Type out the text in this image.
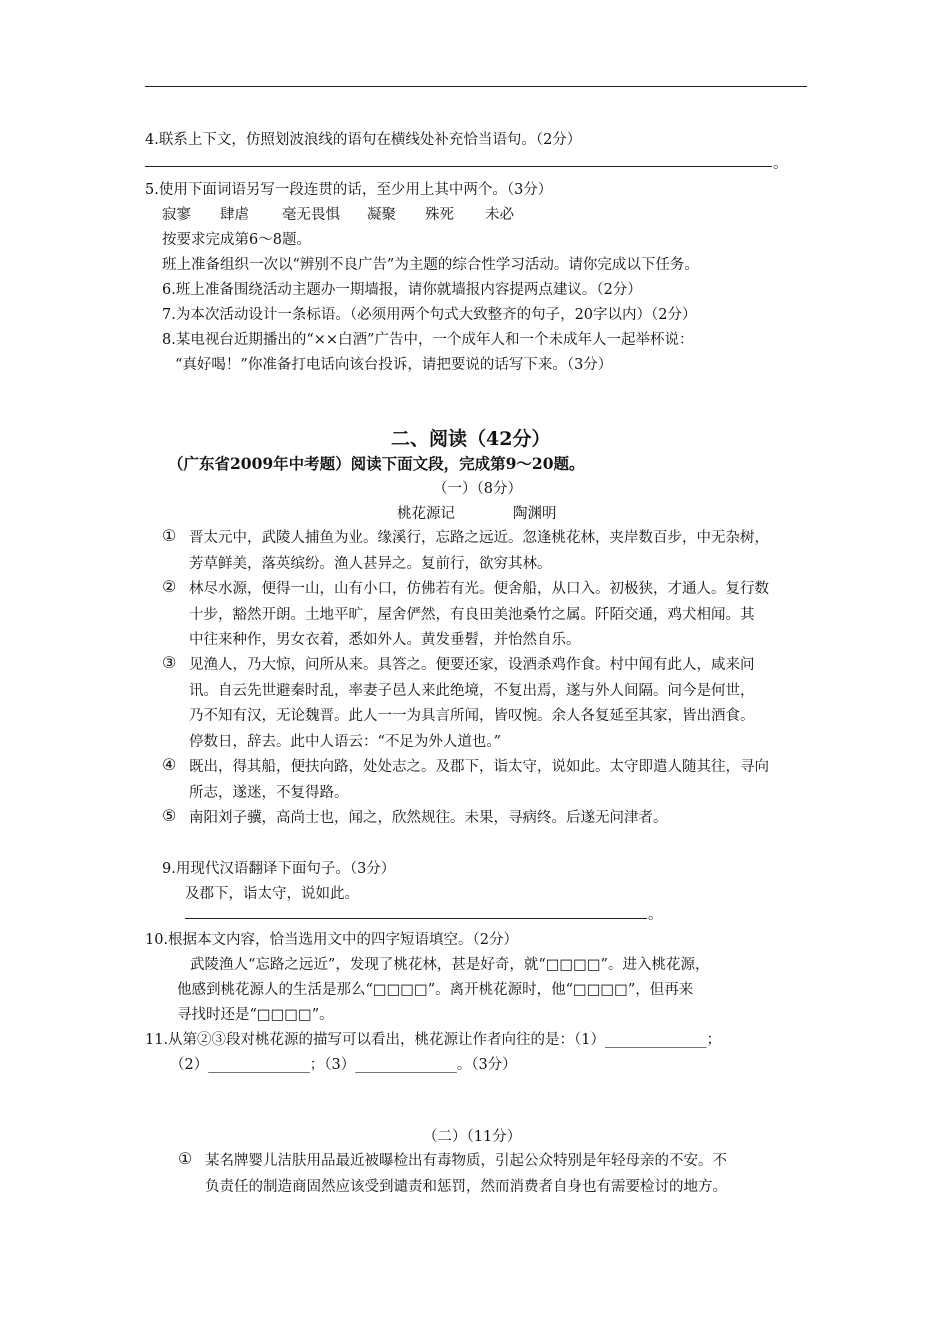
4.联系上下文，仿照划波浪线的语句在横线处补充恰当语句。（2分）
。
5.使用下面词语另写一段连贯的话，至少用上其中两个。（3分）
寂寥 肆虐 毫无畏惧 凝聚 殊死 未必
按要求完成第6～8题。
班上准备组织一次以“辨别不良广告”为主题的综合性学习活动。请你完成以下任务。
6.班上准备围绕活动主题办一期墙报，请你就墙报内容提两点建议。（2分）
7.为本次活动设计一条标语。（必须用两个句式大致整齐的句子，20字以内）（2分）
8.某电视台近期播出的“××白酒”广告中，一个成年人和一个未成年人一起举杯说：
“真好喝！”你准备打电话向该台投诉，请把要说的话写下来。（3分）
二、阅读（42分）
（广东省2009年中考题）阅读下面文段，完成第9～20题。
（一）（8分）
桃花源记	陶渊明
① 晋太元中，武陵人捕鱼为业。缘溪行，忘路之远近。忽逢桃花林，夹岸数百步，中无杂树，
芳草鲜美，落英缤纷。渔人甚异之。复前行，欲穷其林。
② 林尽水源，便得一山，山有小口，仿佛若有光。便舍船，从口入。初极狭，才通人。复行数
十步，豁然开朗。土地平旷，屋舍俨然，有良田美池桑竹之属。阡陌交通，鸡犬相闻。其
中往来种作，男女衣着，悉如外人。黄发垂髫，并怡然自乐。
③ 见渔人，乃大惊，问所从来。具答之。便要还家，设酒杀鸡作食。村中闻有此人，咸来问
讯。自云先世避秦时乱，率妻子邑人来此绝境，不复出焉，遂与外人间隔。问今是何世，
乃不知有汉，无论魏晋。此人一一为具言所闻，皆叹惋。余人各复延至其家，皆出酒食。
停数日，辞去。此中人语云：“不足为外人道也。”
④ 既出，得其船，便扶向路，处处志之。及郡下，诣太守，说如此。太守即遣人随其往，寻向
所志，遂迷，不复得路。
⑤ 南阳刘子骥，高尚士也，闻之，欣然规往。未果，寻病终。后遂无问津者。
9.用现代汉语翻译下面句子。（3分）
及郡下，诣太守，说如此。
。
10.根据本文内容，恰当选用文中的四字短语填空。（2分）
武陵渔人“忘路之远近”，发现了桃花林，甚是好奇，就“□□□□”。进入桃花源，
他感到桃花源人的生活是那么“□□□□”。离开桃花源时，他“□□□□”，但再来
寻找时还是“□□□□”。
11.从第②③段对桃花源的描写可以看出，桃花源让作者向往的是：（1）______________；
（2）______________；（3）______________。（3分）
（二）（11分）
① 某名牌婴儿洁肤用品最近被曝检出有毒物质，引起公众特别是年轻母亲的不安。不
负责任的制造商固然应该受到谴责和惩罚，然而消费者自身也有需要检讨的地方。
